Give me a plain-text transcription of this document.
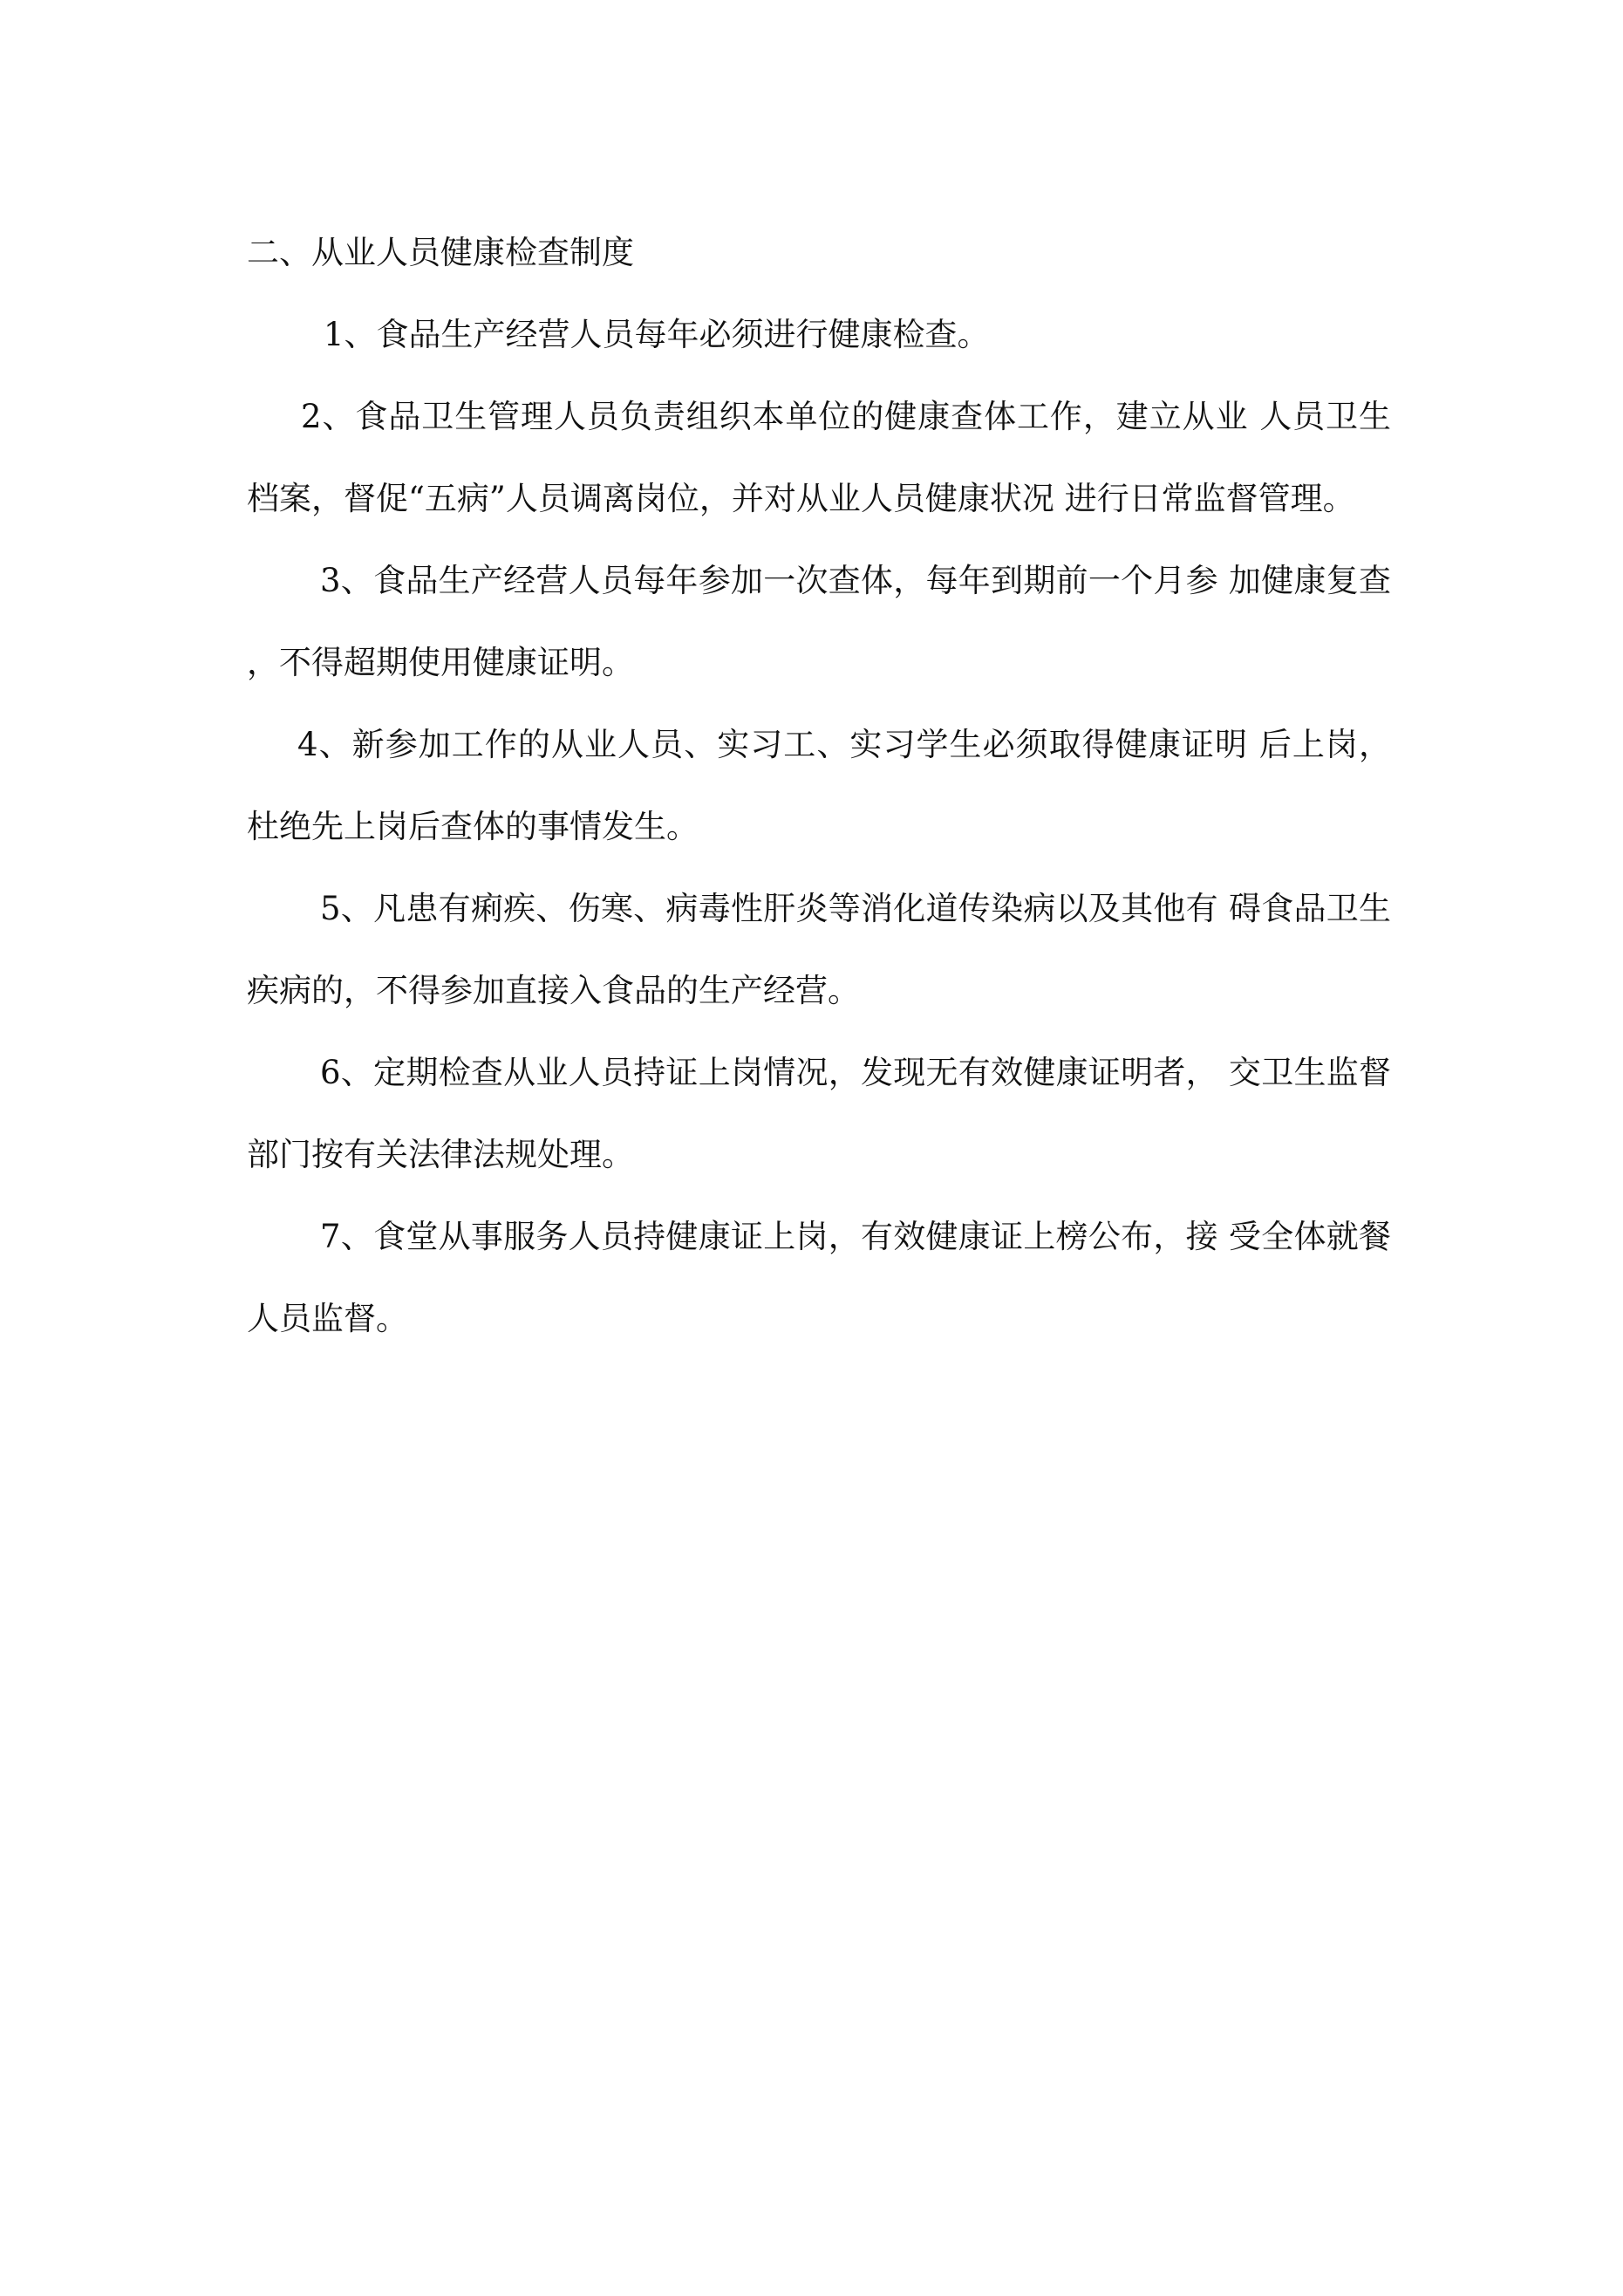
二、从业人员健康检查制度

1、食品生产经营人员每年必须进行健康检查。

2、食品卫生管理人员负责组织本单位的健康查体工作，建立从业 人员卫生档案，督促“五病”人员调离岗位，并对从业人员健康状况 进行日常监督管理。

3、食品生产经营人员每年参加一次查体，每年到期前一个月参 加健康复查，不得超期使用健康证明。

4、新参加工作的从业人员、实习工、实习学生必须取得健康证明 后上岗，杜绝先上岗后查体的事情发生。

5、凡患有痢疾、伤寒、病毒性肝炎等消化道传染病以及其他有 碍食品卫生疾病的，不得参加直接入食品的生产经营。

6、定期检查从业人员持证上岗情况，发现无有效健康证明者， 交卫生监督部门按有关法律法规处理。

7、食堂从事服务人员持健康证上岗，有效健康证上榜公布，接 受全体就餐人员监督。
